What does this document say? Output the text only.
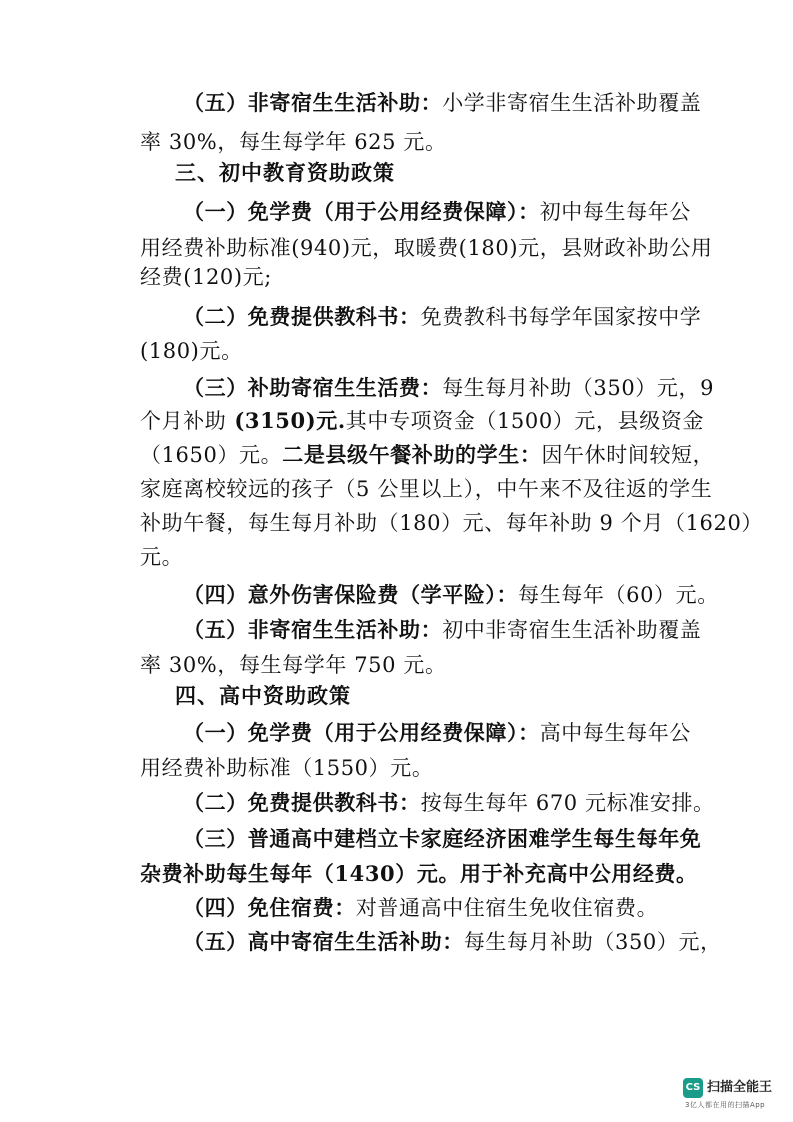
（五）非寄宿生生活补助：小学非寄宿生生活补助覆盖
率 30%，每生每学年 625 元。
三、初中教育资助政策
（一）免学费（用于公用经费保障）：初中每生每年公
用经费补助标准(940)元，取暖费(180)元，县财政补助公用
经费(120)元;
（二）免费提供教科书：免费教科书每学年国家按中学
(180)元。
（三）补助寄宿生生活费：每生每月补助（350）元，9
个月补助 (3150)元.其中专项资金（1500）元，县级资金
（1650）元。二是县级午餐补助的学生：因午休时间较短，
家庭离校较远的孩子（5 公里以上），中午来不及往返的学生
补助午餐，每生每月补助（180）元、每年补助 9 个月（1620）
元。
（四）意外伤害保险费（学平险）：每生每年（60）元。
（五）非寄宿生生活补助：初中非寄宿生生活补助覆盖
率 30%，每生每学年 750 元。
四、高中资助政策
（一）免学费（用于公用经费保障）：高中每生每年公
用经费补助标准（1550）元。
（二）免费提供教科书：按每生每年 670 元标准安排。
（三）普通高中建档立卡家庭经济困难学生每生每年免
杂费补助每生每年（1430）元。用于补充高中公用经费。
（四）免住宿费：对普通高中住宿生免收住宿费。
（五）高中寄宿生生活补助：每生每月补助（350）元，
CS 扫描全能王
3亿人都在用的扫描App
